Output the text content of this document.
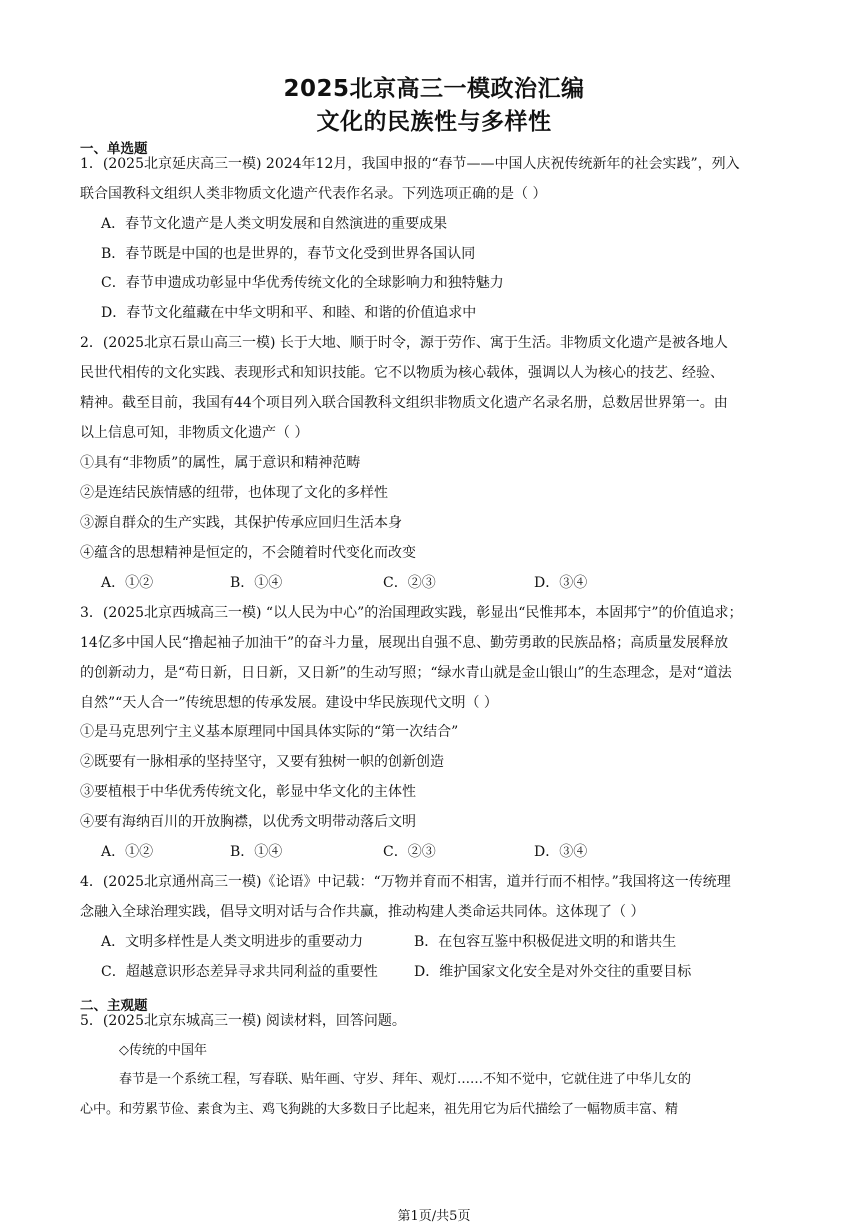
2025北京高三一模政治汇编
文化的民族性与多样性
一、单选题
1．(2025北京延庆高三一模) 2024年12月，我国申报的“春节——中国人庆祝传统新年的社会实践”，列入
联合国教科文组织人类非物质文化遗产代表作名录。下列选项正确的是（ ）
A．春节文化遗产是人类文明发展和自然演进的重要成果
B．春节既是中国的也是世界的，春节文化受到世界各国认同
C．春节申遗成功彰显中华优秀传统文化的全球影响力和独特魅力
D．春节文化蕴藏在中华文明和平、和睦、和谐的价值追求中
2．(2025北京石景山高三一模) 长于大地、顺于时令，源于劳作、寓于生活。非物质文化遗产是被各地人
民世代相传的文化实践、表现形式和知识技能。它不以物质为核心载体，强调以人为核心的技艺、经验、
精神。截至目前，我国有44个项目列入联合国教科文组织非物质文化遗产名录名册，总数居世界第一。由
以上信息可知，非物质文化遗产（ ）
①具有“非物质”的属性，属于意识和精神范畴
②是连结民族情感的纽带，也体现了文化的多样性
③源自群众的生产实践，其保护传承应回归生活本身
④蕴含的思想精神是恒定的，不会随着时代变化而改变
A．①②	B．①④	C．②③	D．③④
3．(2025北京西城高三一模) “以人民为中心”的治国理政实践，彰显出“民惟邦本，本固邦宁”的价值追求；
14亿多中国人民“撸起袖子加油干”的奋斗力量，展现出自强不息、勤劳勇敢的民族品格；高质量发展释放
的创新动力，是“苟日新，日日新，又日新”的生动写照；“绿水青山就是金山银山”的生态理念，是对“道法
自然”“天人合一”传统思想的传承发展。建设中华民族现代文明（ ）
①是马克思列宁主义基本原理同中国具体实际的“第一次结合”
②既要有一脉相承的坚持坚守，又要有独树一帜的创新创造
③要植根于中华优秀传统文化，彰显中华文化的主体性
④要有海纳百川的开放胸襟，以优秀文明带动落后文明
A．①②	B．①④	C．②③	D．③④
4．(2025北京通州高三一模)《论语》中记载：“万物并育而不相害，道并行而不相悖。”我国将这一传统理
念融入全球治理实践，倡导文明对话与合作共赢，推动构建人类命运共同体。这体现了（ ）
A．文明多样性是人类文明进步的重要动力	B．在包容互鉴中积极促进文明的和谐共生
C．超越意识形态差异寻求共同利益的重要性	D．维护国家文化安全是对外交往的重要目标
二、主观题
5．(2025北京东城高三一模) 阅读材料，回答问题。
◇传统的中国年
春节是一个系统工程，写春联、贴年画、守岁、拜年、观灯……不知不觉中，它就住进了中华儿女的
心中。和劳累节俭、素食为主、鸡飞狗跳的大多数日子比起来，祖先用它为后代描绘了一幅物质丰富、精
第1页/共5页
